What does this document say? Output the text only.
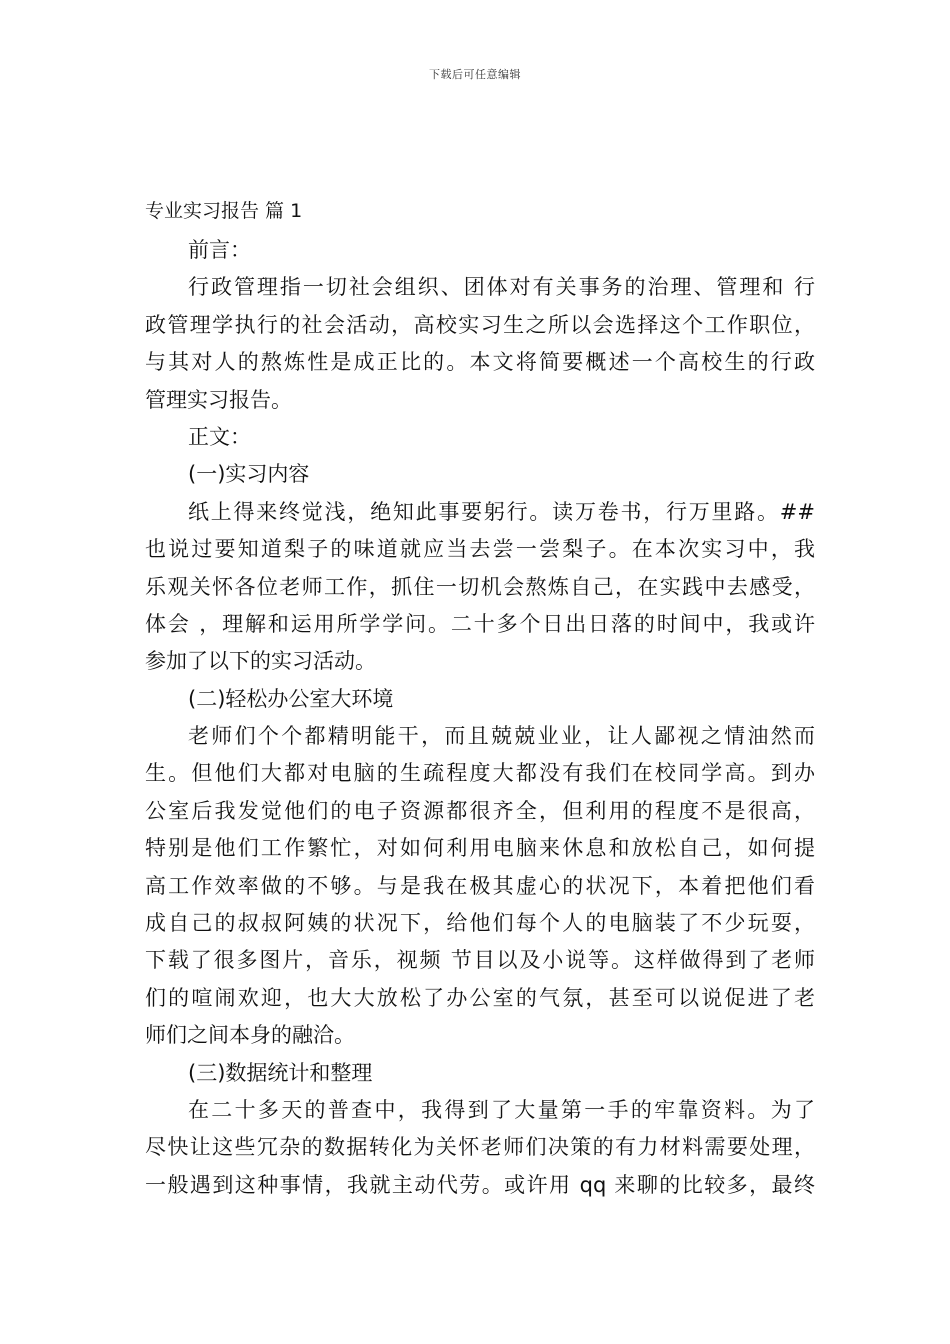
下载后可任意编辑
专业实习报告 篇 1
前言：
行政管理指一切社会组织、团体对有关事务的治理、管理和 行
政管理学执行的社会活动，高校实习生之所以会选择这个工作职位，
与其对人的熬炼性是成正比的。本文将简要概述一个高校生的行政
管理实习报告。
正文：
(一)实习内容
纸上得来终觉浅，绝知此事要躬行。读万卷书，行万里路。##
也说过要知道梨子的味道就应当去尝一尝梨子。在本次实习中，我
乐观关怀各位老师工作，抓住一切机会熬炼自己，在实践中去感受，
体会 ，理解和运用所学学问。二十多个日出日落的时间中，我或许
参加了以下的实习活动。
(二)轻松办公室大环境
老师们个个都精明能干，而且兢兢业业，让人鄙视之情油然而
生。但他们大都对电脑的生疏程度大都没有我们在校同学高。到办
公室后我发觉他们的电子资源都很齐全，但利用的程度不是很高，
特别是他们工作繁忙，对如何利用电脑来休息和放松自己，如何提
高工作效率做的不够。与是我在极其虚心的状况下，本着把他们看
成自己的叔叔阿姨的状况下，给他们每个人的电脑装了不少玩耍，
下载了很多图片，音乐，视频 节目以及小说等。这样做得到了老师
们的喧闹欢迎，也大大放松了办公室的气氛，甚至可以说促进了老
师们之间本身的融洽。
(三)数据统计和整理
在二十多天的普查中，我得到了大量第一手的牢靠资料。为了
尽快让这些冗杂的数据转化为关怀老师们决策的有力材料需要处理，
一般遇到这种事情，我就主动代劳。或许用 qq 来聊的比较多，最终
